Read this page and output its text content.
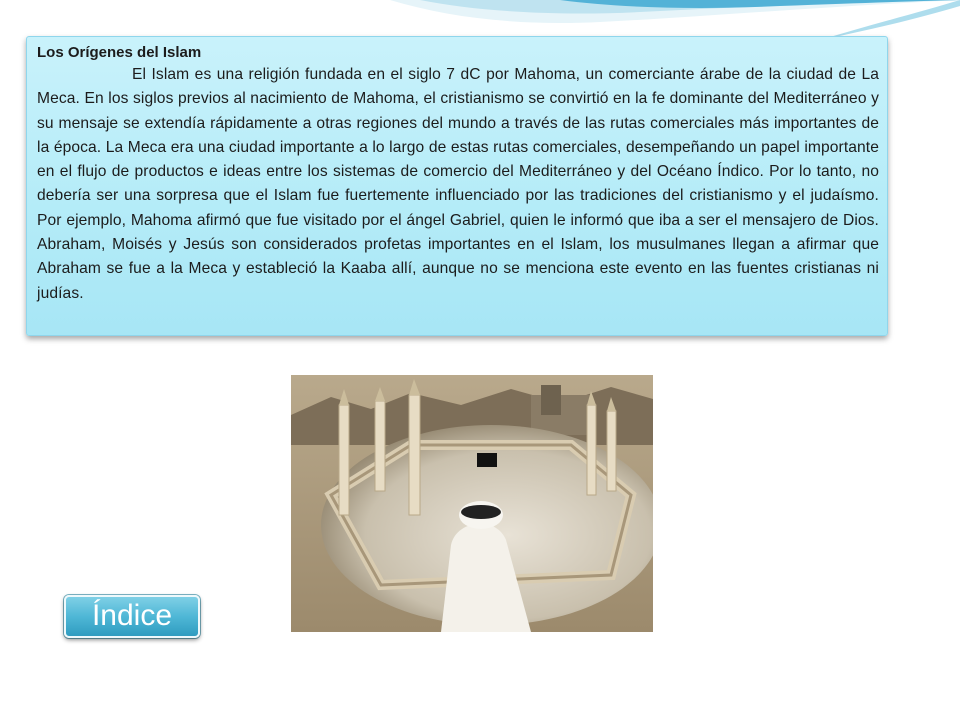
Los Orígenes del Islam

El Islam es una religión fundada en el siglo 7 dC por Mahoma, un comerciante árabe de la ciudad de La Meca. En los siglos previos al nacimiento de Mahoma, el cristianismo se convirtió en la fe dominante del Mediterráneo y su mensaje se extendía rápidamente a otras regiones del mundo a través de las rutas comerciales más importantes de la época. La Meca era una ciudad importante a lo largo de estas rutas comerciales, desempeñando un papel importante en el flujo de productos e ideas entre los sistemas de comercio del Mediterráneo y del Océano Índico. Por lo tanto, no debería ser una sorpresa que el Islam fue fuertemente influenciado por las tradiciones del cristianismo y el judaísmo. Por ejemplo, Mahoma afirmó que fue visitado por el ángel Gabriel, quien le informó que iba a ser el mensajero de Dios. Abraham, Moisés y Jesús son considerados profetas importantes en el Islam, los musulmanes llegan a afirmar que Abraham se fue a la Meca y estableció la Kaaba allí, aunque no se menciona este evento en las fuentes cristianas ni judías.

Índice
